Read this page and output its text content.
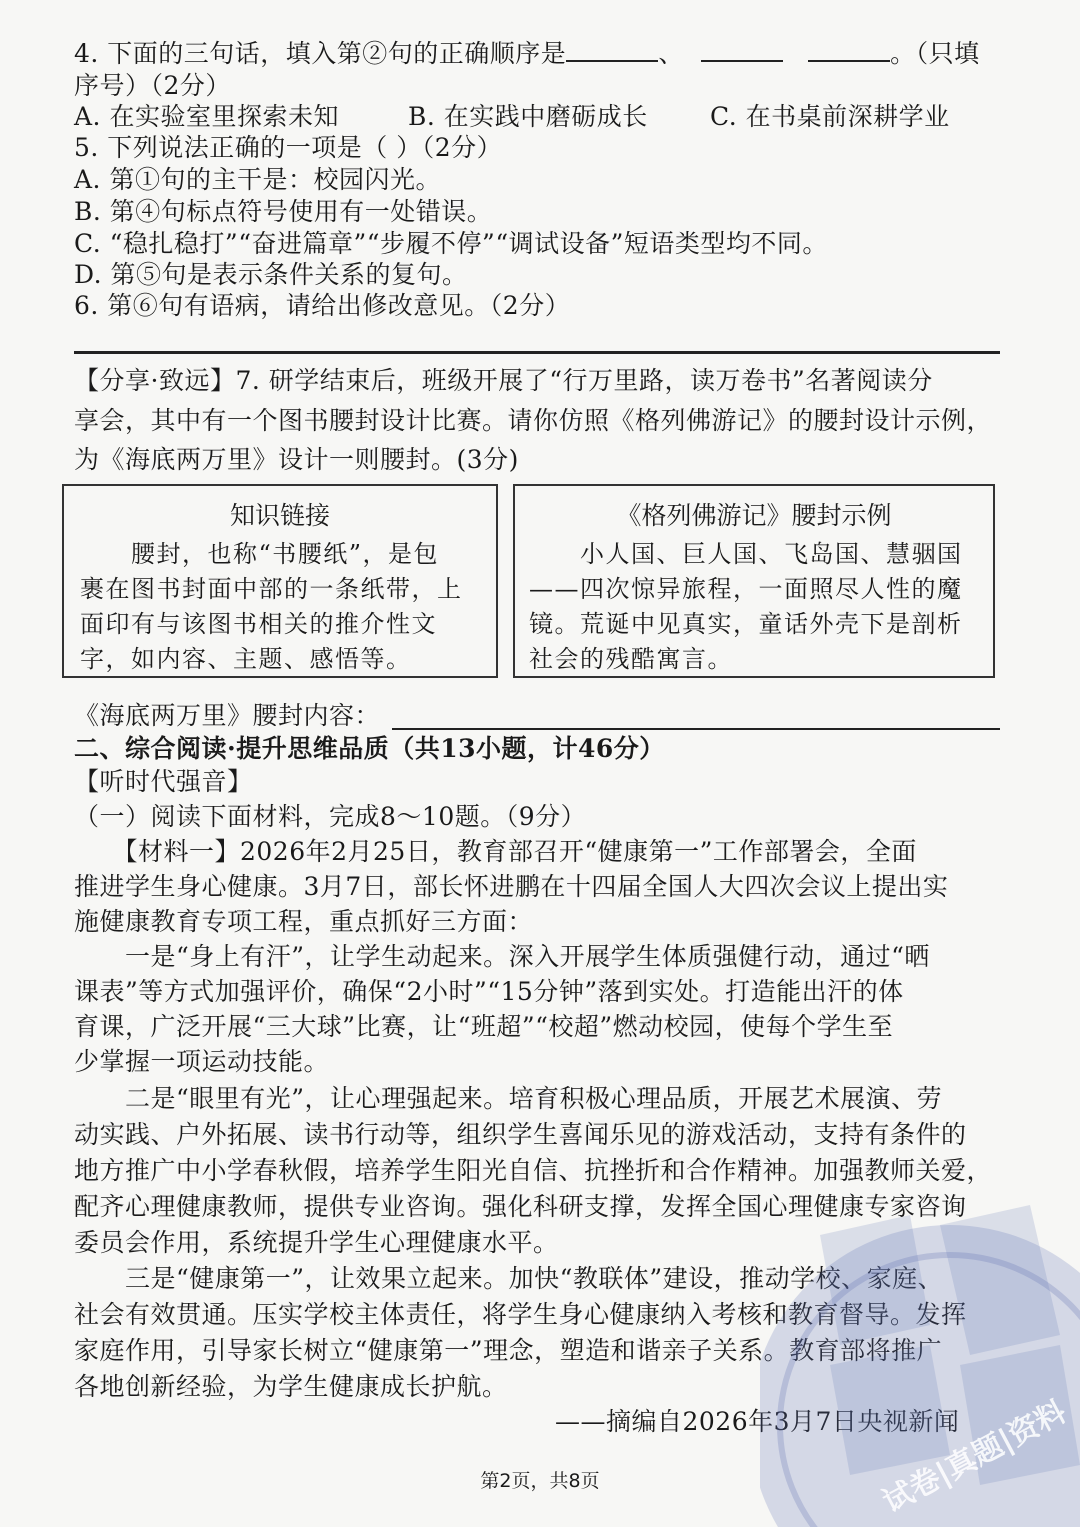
4. 下面的三句话，填入第②句的正确顺序是	、	。（只填
序号）（2分）
A. 在实验室里探索未知	B. 在实践中磨砺成长 C. 在书桌前深耕学业
5. 下列说法正确的一项是（ ）（2分）
A. 第①句的主干是：校园闪光。
B. 第④句标点符号使用有一处错误。
C. “稳扎稳打”“奋进篇章”“步履不停”“调试设备”短语类型均不同。
D. 第⑤句是表示条件关系的复句。
6. 第⑥句有语病，请给出修改意见。（2分）
【分享·致远】7. 研学结束后，班级开展了“行万里路，读万卷书”名著阅读分
享会，其中有一个图书腰封设计比赛。请你仿照《格列佛游记》的腰封设计示例，
为《海底两万里》设计一则腰封。(3分)
知识链接
　　腰封，也称“书腰纸”，是包
裹在图书封面中部的一条纸带，上
面印有与该图书相关的推介性文
字，如内容、主题、感悟等。
《格列佛游记》腰封示例
　　小人国、巨人国、飞岛国、慧骃国
——四次惊异旅程，一面照尽人性的魔
镜。荒诞中见真实，童话外壳下是剖析
社会的残酷寓言。
《海底两万里》腰封内容：
二、综合阅读·提升思维品质（共13小题，计46分）
【听时代强音】
（一）阅读下面材料，完成8～10题。（9分）
　　【材料一】2026年2月25日，教育部召开“健康第一”工作部署会，全面
推进学生身心健康。3月7日，部长怀进鹏在十四届全国人大四次会议上提出实
施健康教育专项工程，重点抓好三方面：
　　一是“身上有汗”，让学生动起来。深入开展学生体质强健行动，通过“晒
课表”等方式加强评价，确保“2小时”“15分钟”落到实处。打造能出汗的体
育课，广泛开展“三大球”比赛，让“班超”“校超”燃动校园，使每个学生至
少掌握一项运动技能。
　　二是“眼里有光”，让心理强起来。培育积极心理品质，开展艺术展演、劳
动实践、户外拓展、读书行动等，组织学生喜闻乐见的游戏活动，支持有条件的
地方推广中小学春秋假，培养学生阳光自信、抗挫折和合作精神。加强教师关爱，
配齐心理健康教师，提供专业咨询。强化科研支撑，发挥全国心理健康专家咨询
委员会作用，系统提升学生心理健康水平。
　　三是“健康第一”，让效果立起来。加快“教联体”建设，推动学校、家庭、
社会有效贯通。压实学校主体责任，将学生身心健康纳入考核和教育督导。发挥
家庭作用，引导家长树立“健康第一”理念，塑造和谐亲子关系。教育部将推广
各地创新经验，为学生健康成长护航。
——摘编自2026年3月7日央视新闻
第2页，共8页	试卷|真题|资料
